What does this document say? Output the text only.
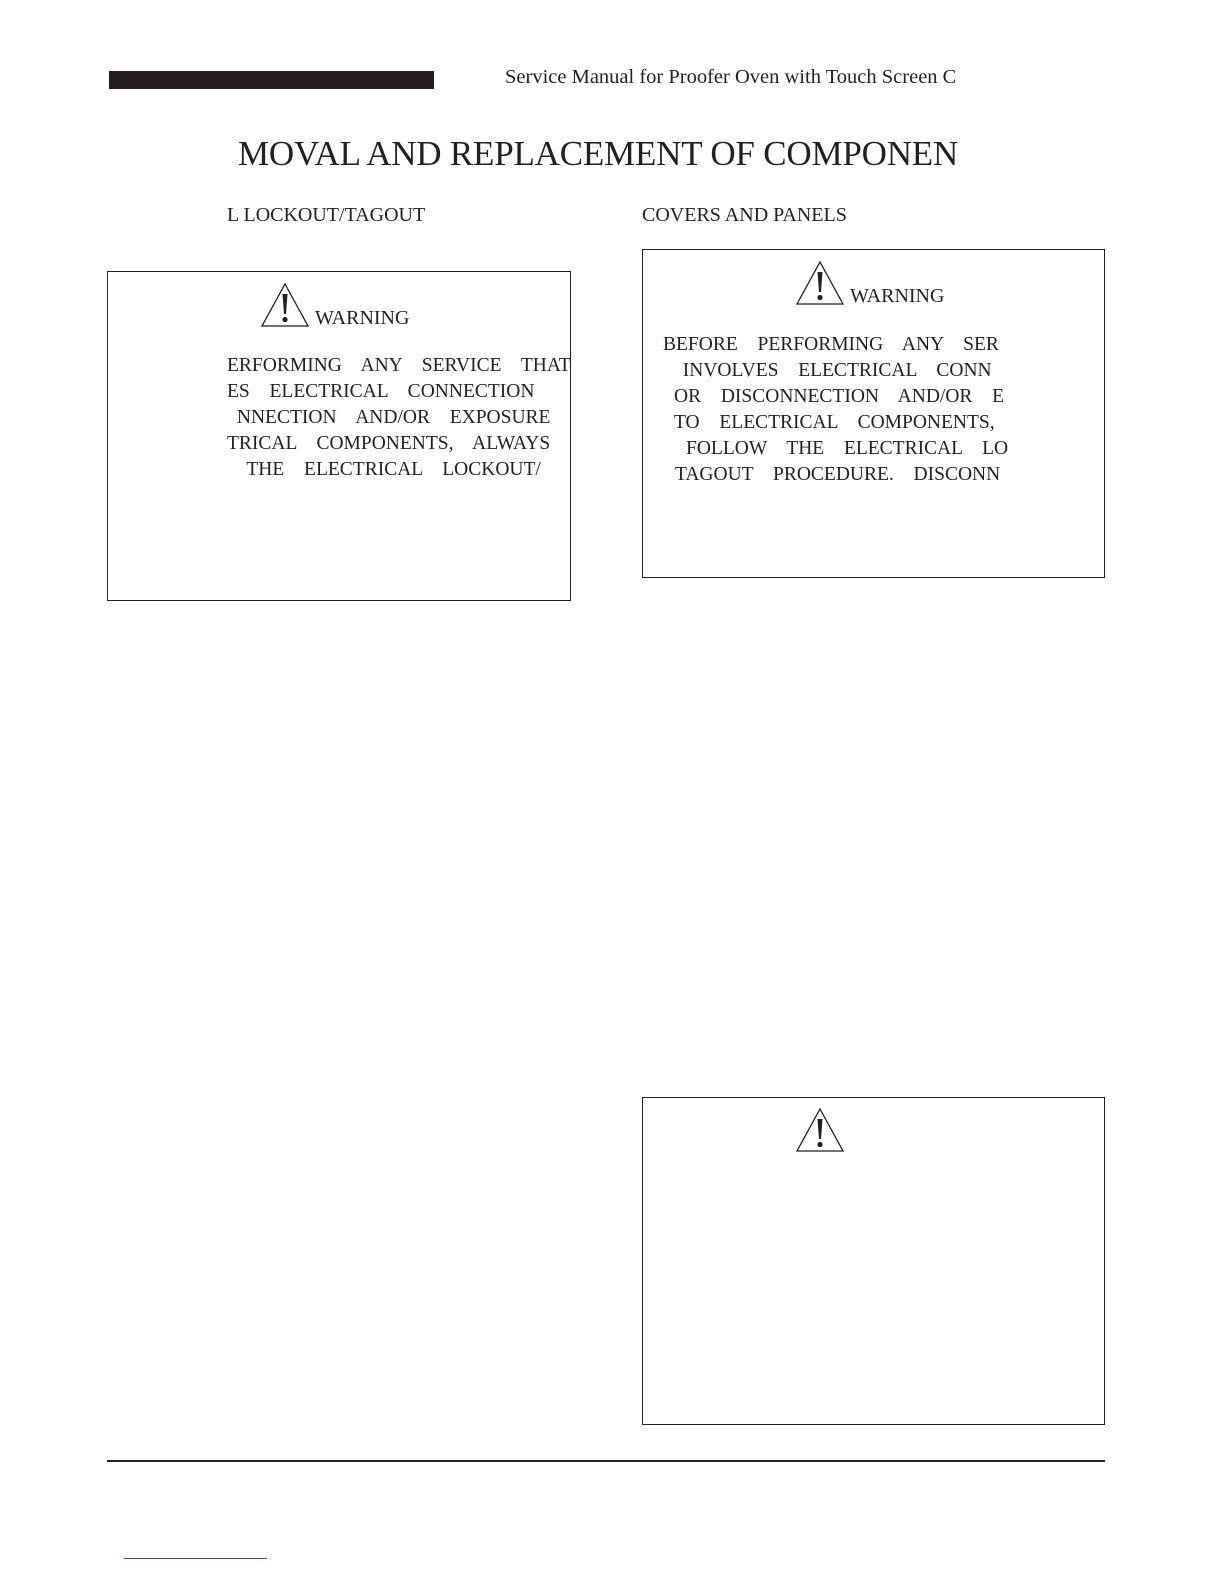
Service Manual for Proofer Oven with Touch Screen C
MOVAL AND REPLACEMENT OF COMPONEN
L LOCKOUT/TAGOUT	COVERS AND PANELS
WARNING
ERFORMING  ANY  SERVICE  THAT
ES  ELECTRICAL  CONNECTION
NNECTION  AND/OR  EXPOSURE
TRICAL  COMPONENTS,  ALWAYS
THE  ELECTRICAL  LOCKOUT/
WARNING
BEFORE  PERFORMING  ANY  SER
INVOLVES  ELECTRICAL  CONN
OR  DISCONNECTION  AND/OR  E
TO  ELECTRICAL  COMPONENTS,
FOLLOW  THE  ELECTRICAL  LO
TAGOUT  PROCEDURE.  DISCONN
